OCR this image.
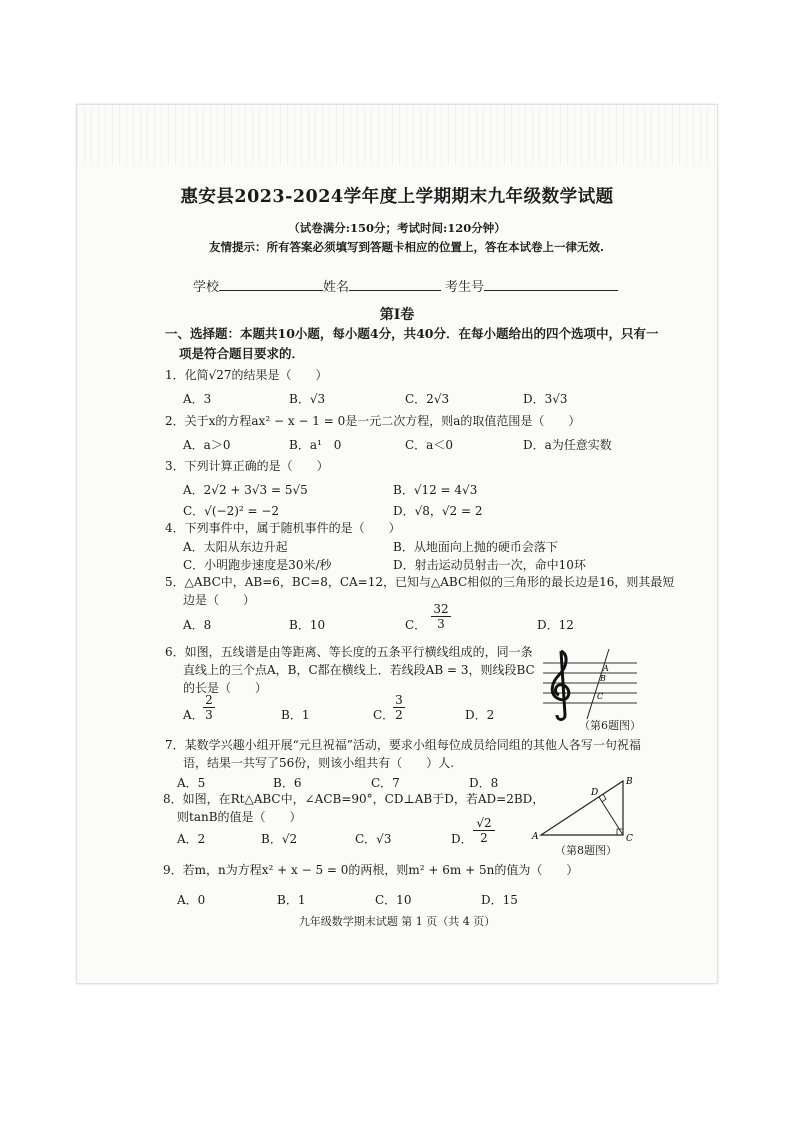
惠安县2023-2024学年度上学期期末九年级数学试题
（试卷满分:150分；考试时间:120分钟）
友情提示：所有答案必须填写到答题卡相应的位置上，答在本试卷上一律无效.
学校	姓名	考生号
第Ⅰ卷
一、选择题：本题共10小题，每小题4分，共40分．在每小题给出的四个选项中，只有一
项是符合题目要求的．
1．化简√27的结果是（　　）
A．3	B．√3	C．2√3	D．3√3
2．关于x的方程ax² − x − 1 = 0是一元二次方程，则a的取值范围是（　　）
A．a＞0	B．a¹　0	C．a＜0	D．a为任意实数
3．下列计算正确的是（　　）
A．2√2 + 3√3 = 5√5	B．√12 = 4√3
C．√(−2)² = −2	D．√8，√2 = 2
4．下列事件中，属于随机事件的是（　　）
A．太阳从东边升起	B．从地面向上抛的硬币会落下
C．小明跑步速度是30米/秒	D．射击运动员射击一次，命中10环
5．△ABC中，AB=6，BC=8，CA=12，已知与△ABC相似的三角形的最长边是16，则其最短
边是（　　）
A．8	B．10	C． $\frac{32}{3}$	D．12
6．如图，五线谱是由等距离、等长度的五条平行横线组成的，同一条
直线上的三个点A，B，C都在横线上．若线段AB = 3，则线段BC
的长是（　　）
A． $\frac{2}{3}$	B．1	C．
$\frac{3}{2}$	D．2
A
B
C
（第6题图）
7．某数学兴趣小组开展“元旦祝福”活动，要求小组每位成员给同组的其他人各写一句祝福
语，结果一共写了56份，则该小组共有（　　）人.
A．5	B．6	C．7	D．8
8．如图，在Rt△ABC中，∠ACB=90°，CD⊥AB于D，若AD=2BD，
则tanB的值是（　　）
A．2	B．√2	C．√3	D． $\frac{√2}{2}$	A
B
C
D
（第8题图）
9．若m，n为方程x² + x − 5 = 0的两根，则m² + 6m + 5n的值为（　　）
A．0	B．1	C．10	D．15
九年级数学期末试题 第 1 页（共 4 页）
